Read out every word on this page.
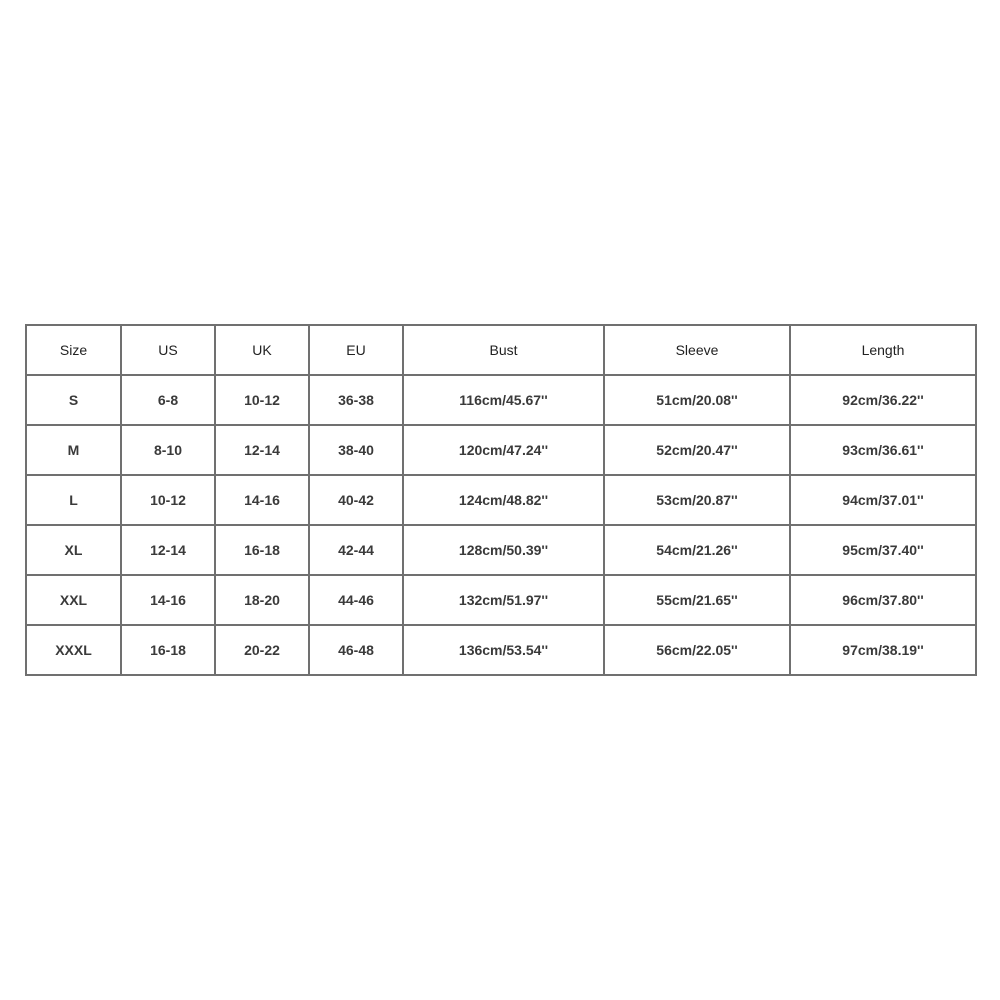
Size	US	UK	EU	Bust	Sleeve	Length
S	6-8	10-12	36-38	116cm/45.67''	51cm/20.08''	92cm/36.22''
M	8-10	12-14	38-40	120cm/47.24''	52cm/20.47''	93cm/36.61''
L	10-12	14-16	40-42	124cm/48.82''	53cm/20.87''	94cm/37.01''
XL	12-14	16-18	42-44	128cm/50.39''	54cm/21.26''	95cm/37.40''
XXL	14-16	18-20	44-46	132cm/51.97''	55cm/21.65''	96cm/37.80''
XXXL	16-18	20-22	46-48	136cm/53.54''	56cm/22.05''	97cm/38.19''
